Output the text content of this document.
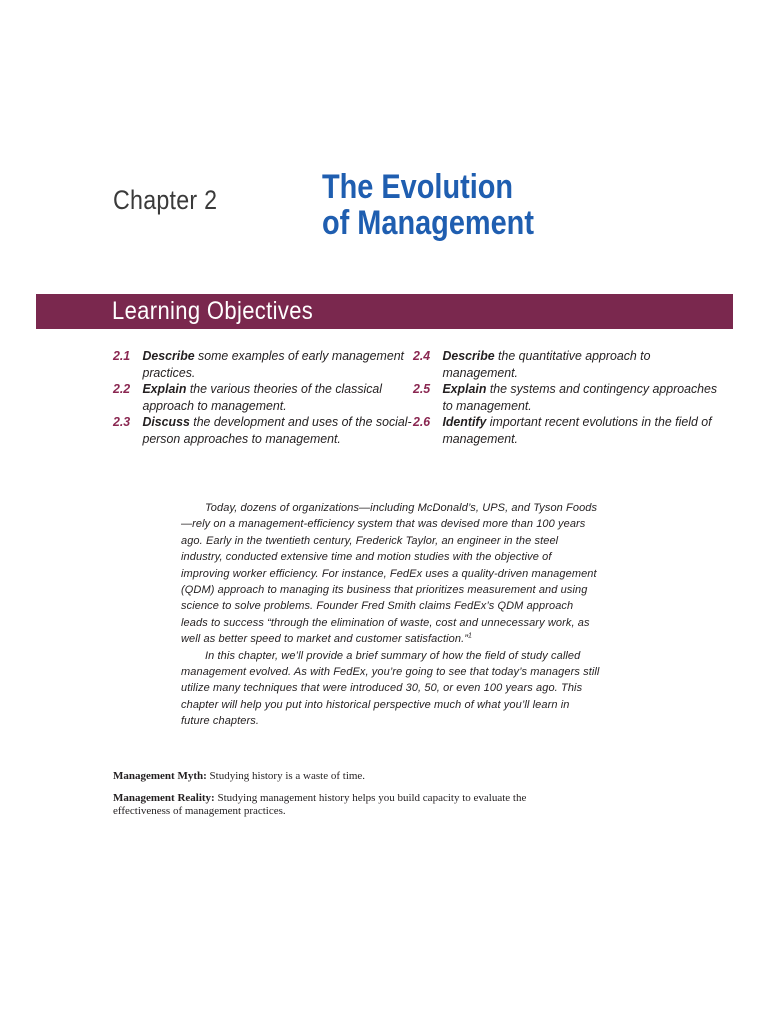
Chapter 2	The Evolution
of Management
Learning Objectives
2.1 Describe some examples of early management practices.
2.2 Explain the various theories of the classical approach to management.
2.3 Discuss the development and uses of the social-person approaches to management.
2.4 Describe the quantitative approach to management.
2.5 Explain the systems and contingency approaches to management.
2.6 Identify important recent evolutions in the field of management.

Today, dozens of organizations—including McDonald’s, UPS, and Tyson Foods—rely on a management-efficiency system that was devised more than 100 years ago. Early in the twentieth century, Frederick Taylor, an engineer in the steel industry, conducted extensive time and motion studies with the objective of improving worker efficiency. For instance, FedEx uses a quality-driven management (QDM) approach to managing its business that prioritizes measurement and using science to solve problems. Founder Fred Smith claims FedEx’s QDM approach leads to success “through the elimination of waste, cost and unnecessary work, as well as better speed to market and customer satisfaction.”$^1$

In this chapter, we’ll provide a brief summary of how the field of study called management evolved. As with FedEx, you’re going to see that today’s managers still utilize many techniques that were introduced 30, 50, or even 100 years ago. This chapter will help you put into historical perspective much of what you’ll learn in future chapters.

Management Myth: Studying history is a waste of time.

Management Reality: Studying management history helps you build capacity to evaluate the effectiveness of management practices.
